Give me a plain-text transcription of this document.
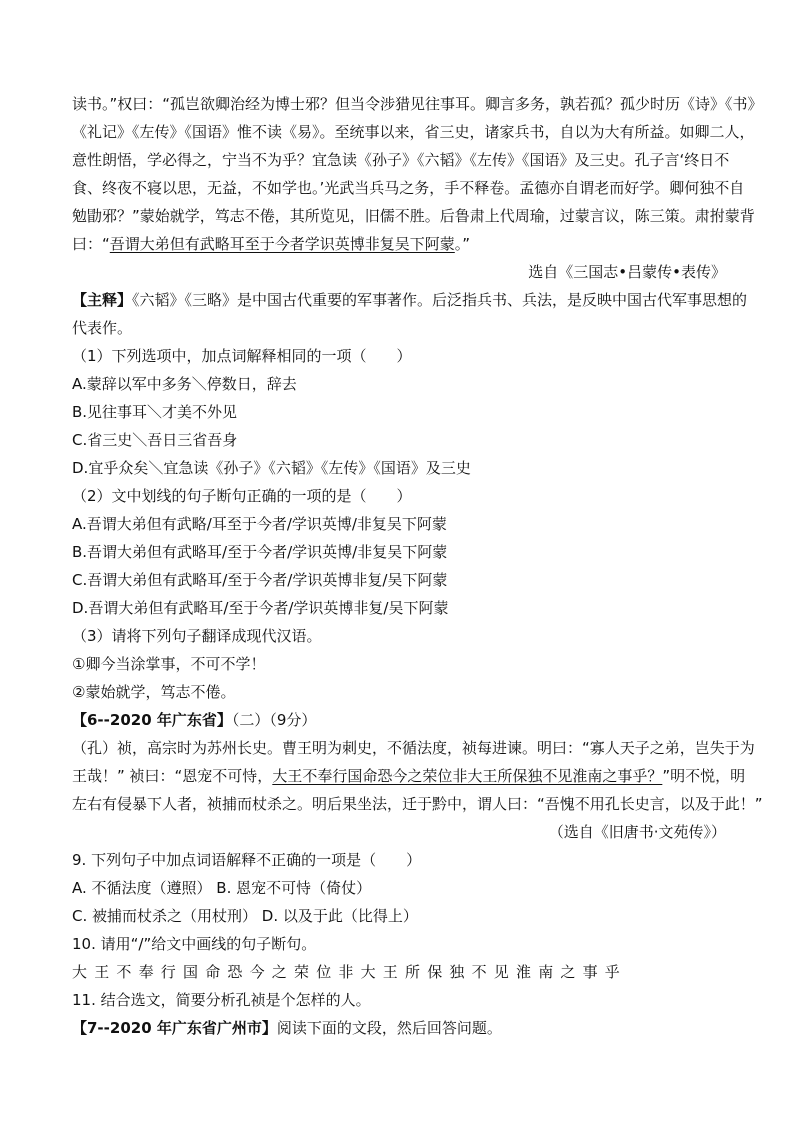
读书。”权曰：“孤岂欲卿治经为博士邪？但当令涉猎见往事耳。卿言多务，孰若孤？孤少时历《诗》《书》
《礼记》《左传》《国语》惟不读《易》。至统事以来，省三史，诸家兵书，自以为大有所益。如卿二人，
意性朗悟，学必得之，宁当不为乎？宜急读《孙子》《六韬》《左传》《国语》及三史。孔子言‘终日不
食、终夜不寝以思，无益，不如学也。’光武当兵马之务，手不释卷。孟德亦自谓老而好学。卿何独不自
勉勖邪？”蒙始就学，笃志不倦，其所览见，旧儒不胜。后鲁肃上代周瑜，过蒙言议，陈三策。肃拊蒙背
曰：“吾谓大弟但有武略耳至于今者学识英博非复吴下阿蒙。”
选自《三国志•吕蒙传•表传》
【主释】《六韬》《三略》是中国古代重要的军事著作。后泛指兵书、兵法，是反映中国古代军事思想的
代表作。
（1）下列选项中，加点词解释相同的一项（　　）
A.蒙辞以军中多务＼停数日，辞去
B.见往事耳＼才美不外见
C.省三史＼吾日三省吾身
D.宜乎众矣＼宜急读《孙子》《六韬》《左传》《国语》及三史
（2）文中划线的句子断句正确的一项的是（　　）
A.吾谓大弟但有武略/耳至于今者/学识英博/非复吴下阿蒙
B.吾谓大弟但有武略耳/至于今者/学识英博/非复吴下阿蒙
C.吾谓大弟但有武略耳/至于今者/学识英博非复/吴下阿蒙
D.吾谓大弟但有武略耳/至于今者/学识英博非复/吴下阿蒙
（3）请将下列句子翻译成现代汉语。
①卿今当涂掌事，不可不学！
②蒙始就学，笃志不倦。
【6--2020 年广东省】（二）（9分）
（孔）祯，高宗时为苏州长史。曹王明为刺史，不循法度，祯每进谏。明曰：“寡人天子之弟，岂失于为
王哉！” 祯曰：“恩宠不可恃，大王不奉行国命恐今之荣位非大王所保独不见淮南之事乎？”明不悦，明
左右有侵暴下人者，祯捕而杖杀之。明后果坐法，迁于黔中，谓人曰：“吾愧不用孔长史言，以及于此！”
（选自《旧唐书·文苑传》）
9. 下列句子中加点词语解释不正确的一项是（　　）
A. 不循法度（遵照） B. 恩宠不可恃（倚仗）
C. 被捕而杖杀之（用杖刑） D. 以及于此（比得上）
10. 请用“/”给文中画线的句子断句。
大王不奉行国命恐今之荣位非大王所保独不见淮南之事乎
11. 结合选文，简要分析孔祯是个怎样的人。
【7--2020 年广东省广州市】阅读下面的文段，然后回答问题。
